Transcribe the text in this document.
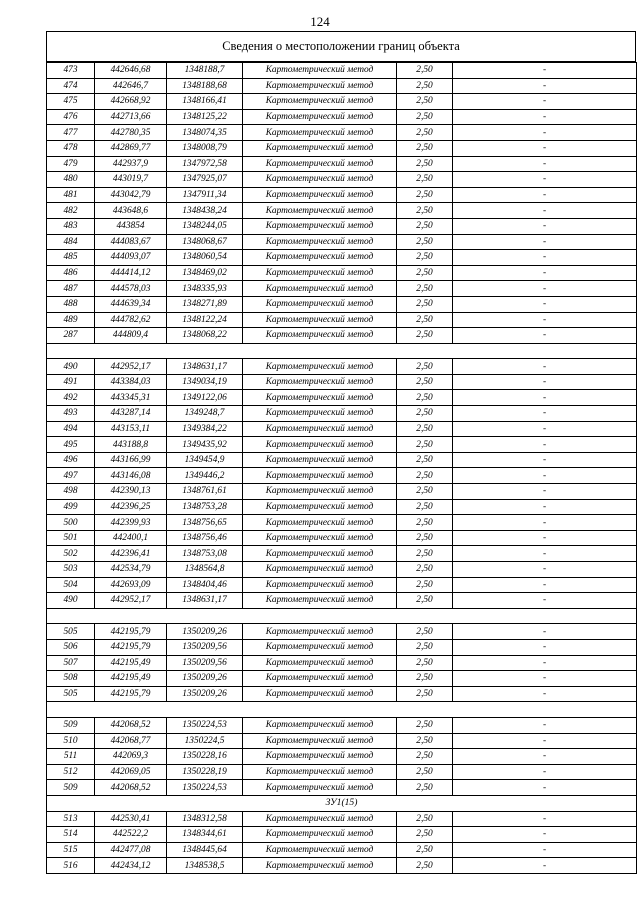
124
Сведения о местоположении границ объекта
473	442646,68	1348188,7	Картометрический метод	2,50	-
474	442646,7	1348188,68	Картометрический метод	2,50	-
475	442668,92	1348166,41	Картометрический метод	2,50	-
476	442713,66	1348125,22	Картометрический метод	2,50	-
477	442780,35	1348074,35	Картометрический метод	2,50	-
478	442869,77	1348008,79	Картометрический метод	2,50	-
479	442937,9	1347972,58	Картометрический метод	2,50	-
480	443019,7	1347925,07	Картометрический метод	2,50	-
481	443042,79	1347911,34	Картометрический метод	2,50	-
482	443648,6	1348438,24	Картометрический метод	2,50	-
483	443854	1348244,05	Картометрический метод	2,50	-
484	444083,67	1348068,67	Картометрический метод	2,50	-
485	444093,07	1348060,54	Картометрический метод	2,50	-
486	444414,12	1348469,02	Картометрический метод	2,50	-
487	444578,03	1348335,93	Картометрический метод	2,50	-
488	444639,34	1348271,89	Картометрический метод	2,50	-
489	444782,62	1348122,24	Картометрический метод	2,50	-
287	444809,4	1348068,22	Картометрический метод	2,50	-

490	442952,17	1348631,17	Картометрический метод	2,50	-
491	443384,03	1349034,19	Картометрический метод	2,50	-
492	443345,31	1349122,06	Картометрический метод	2,50	-
493	443287,14	1349248,7	Картометрический метод	2,50	-
494	443153,11	1349384,22	Картометрический метод	2,50	-
495	443188,8	1349435,92	Картометрический метод	2,50	-
496	443166,99	1349454,9	Картометрический метод	2,50	-
497	443146,08	1349446,2	Картометрический метод	2,50	-
498	442390,13	1348761,61	Картометрический метод	2,50	-
499	442396,25	1348753,28	Картометрический метод	2,50	-
500	442399,93	1348756,65	Картометрический метод	2,50	-
501	442400,1	1348756,46	Картометрический метод	2,50	-
502	442396,41	1348753,08	Картометрический метод	2,50	-
503	442534,79	1348564,8	Картометрический метод	2,50	-
504	442693,09	1348404,46	Картометрический метод	2,50	-
490	442952,17	1348631,17	Картометрический метод	2,50	-

505	442195,79	1350209,26	Картометрический метод	2,50	-
506	442195,79	1350209,56	Картометрический метод	2,50	-
507	442195,49	1350209,56	Картометрический метод	2,50	-
508	442195,49	1350209,26	Картометрический метод	2,50	-
505	442195,79	1350209,26	Картометрический метод	2,50	-

509	442068,52	1350224,53	Картометрический метод	2,50	-
510	442068,77	1350224,5	Картометрический метод	2,50	-
511	442069,3	1350228,16	Картометрический метод	2,50	-
512	442069,05	1350228,19	Картометрический метод	2,50	-
509	442068,52	1350224,53	Картометрический метод	2,50	-
ЗУ1(15)					
513	442530,41	1348312,58	Картометрический метод	2,50	-
514	442522,2	1348344,61	Картометрический метод	2,50	-
515	442477,08	1348445,64	Картометрический метод	2,50	-
516	442434,12	1348538,5	Картометрический метод	2,50	-
